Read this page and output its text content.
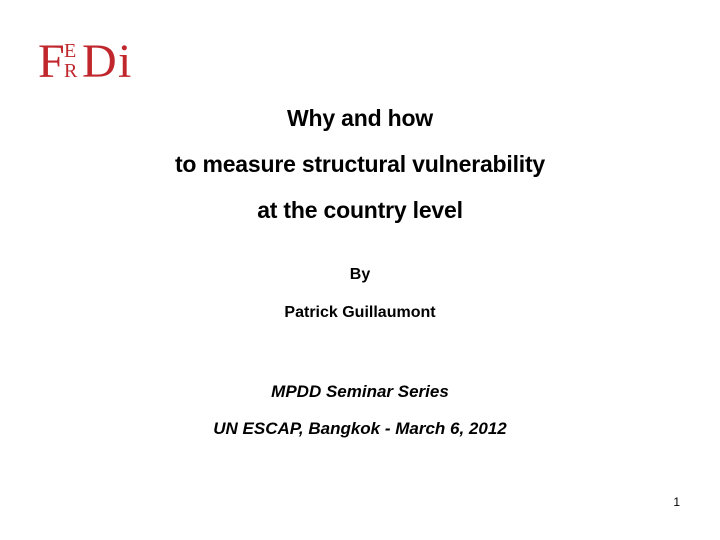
F E
R D i
Why and how
to measure structural vulnerability
at the country level
By
Patrick Guillaumont
MPDD Seminar Series
UN ESCAP, Bangkok - March 6, 2012
1
